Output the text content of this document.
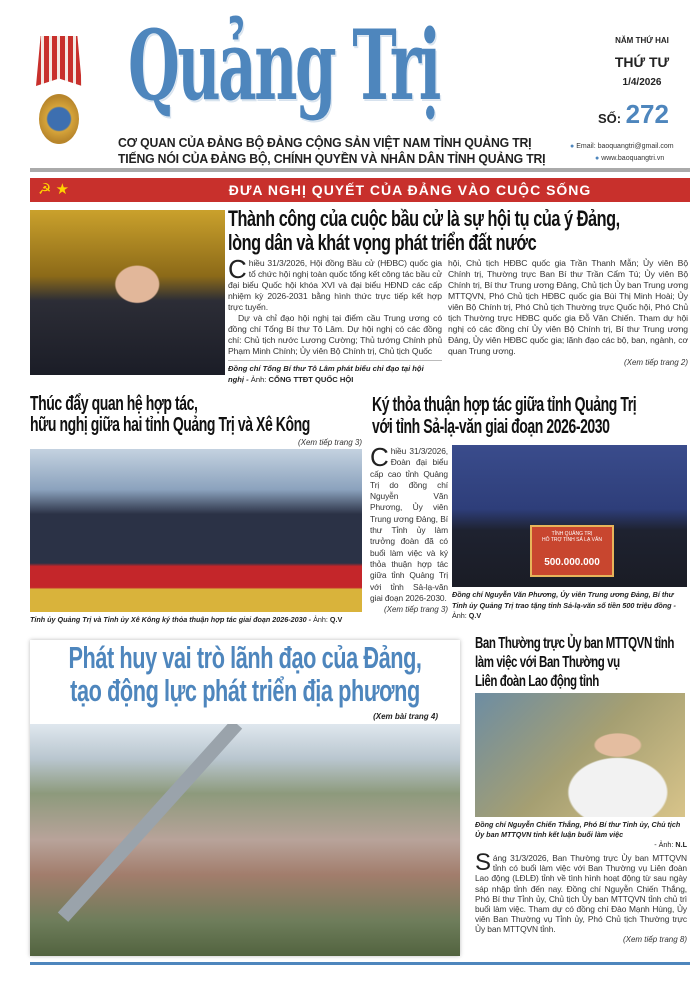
Quảng Trị
CƠ QUAN CỦA ĐẢNG BỘ ĐẢNG CỘNG SẢN VIỆT NAM TỈNH QUẢNG TRỊ
TIẾNG NÓI CỦA ĐẢNG BỘ, CHÍNH QUYỀN VÀ NHÂN DÂN TỈNH QUẢNG TRỊ
NĂM THỨ HAI
THỨ TƯ
1/4/2026
SỐ: 272
● Email: baoquangtri@gmail.com
● www.baoquangtri.vn
☭ ★	ĐƯA NGHỊ QUYẾT CỦA ĐẢNG VÀO CUỘC SỐNG
Thành công của cuộc bầu cử là sự hội tụ của ý Đảng,
lòng dân và khát vọng phát triển đất nước
Chiều 31/3/2026, Hội đồng Bầu cử (HĐBC) quốc gia tổ chức hội nghị toàn quốc tổng kết công tác bầu cử đại biểu Quốc hội khóa XVI và đại biểu HĐND các cấp nhiệm kỳ 2026-2031 bằng hình thức trực tiếp kết hợp trực tuyến.
Dự và chỉ đạo hội nghị tại điểm cầu Trung ương có đồng chí Tổng Bí thư Tô Lâm. Dự hội nghị có các đồng chí: Chủ tịch nước Lương Cường; Thủ tướng Chính phủ Phạm Minh Chính; Ủy viên Bộ Chính trị, Chủ tịch Quốc
Đồng chí Tổng Bí thư Tô Lâm phát biểu chỉ đạo tại hội nghị - Ảnh: CỔNG TTĐT QUỐC HỘI
hội, Chủ tịch HĐBC quốc gia Trần Thanh Mẫn; Ủy viên Bộ Chính trị, Thường trực Ban Bí thư Trần Cẩm Tú; Ủy viên Bộ Chính trị, Bí thư Trung ương Đảng, Chủ tịch Ủy ban Trung ương MTTQVN, Phó Chủ tịch HĐBC quốc gia Bùi Thị Minh Hoài; Ủy viên Bộ Chính trị, Phó Chủ tịch Thường trực Quốc hội, Phó Chủ tịch Thường trực HĐBC quốc gia Đỗ Văn Chiến. Tham dự hội nghị có các đồng chí Ủy viên Bộ Chính trị, Bí thư Trung ương Đảng, Ủy viên HĐBC quốc gia; lãnh đạo các bộ, ban, ngành, cơ quan Trung ương.
(Xem tiếp trang 2)
Thúc đẩy quan hệ hợp tác,
hữu nghị giữa hai tỉnh Quảng Trị và Xê Kông
(Xem tiếp trang 3)
Tỉnh ủy Quảng Trị và Tỉnh ủy Xê Kông ký thỏa thuận hợp tác giai đoạn 2026-2030 - Ảnh: Q.V
Ký thỏa thuận hợp tác giữa tỉnh Quảng Trị
với tỉnh Sả-lạ-văn giai đoạn 2026-2030
Chiều 31/3/2026, Đoàn đại biểu cấp cao tỉnh Quảng Trị do đồng chí Nguyễn Văn Phương, Ủy viên Trung ương Đảng, Bí thư Tỉnh ủy làm trưởng đoàn đã có buổi làm việc và ký thỏa thuận hợp tác giữa tỉnh Quảng Trị với tỉnh Sả-lạ-văn giai đoạn 2026-2030.
(Xem tiếp trang 3)
TỈNH QUẢNG TRỊ
HỖ TRỢ TỈNH SẢ LẠ VĂN
500.000.000
Đồng chí Nguyễn Văn Phương, Ủy viên Trung ương Đảng, Bí thư Tỉnh ủy Quảng Trị trao tặng tỉnh Sả-lạ-văn số tiền 500 triệu đồng - Ảnh: Q.V
Phát huy vai trò lãnh đạo của Đảng,
tạo động lực phát triển địa phương
(Xem bài trang 4)
Ban Thường trực Ủy ban MTTQVN tỉnh
làm việc với Ban Thường vụ
Liên đoàn Lao động tỉnh
Đồng chí Nguyễn Chiến Thắng, Phó Bí thư Tỉnh ủy, Chủ tịch Ủy ban MTTQVN tỉnh kết luận buổi làm việc
- Ảnh: N.L
Sáng 31/3/2026, Ban Thường trực Ủy ban MTTQVN tỉnh có buổi làm việc với Ban Thường vụ Liên đoàn Lao động (LĐLĐ) tỉnh về tình hình hoạt động từ sau ngày sáp nhập tỉnh đến nay. Đồng chí Nguyễn Chiến Thắng, Phó Bí thư Tỉnh ủy, Chủ tịch Ủy ban MTTQVN tỉnh chủ trì buổi làm việc. Tham dự có đồng chí Đào Mạnh Hùng, Ủy viên Ban Thường vụ Tỉnh ủy, Phó Chủ tịch Thường trực Ủy ban MTTQVN tỉnh.
(Xem tiếp trang 8)
